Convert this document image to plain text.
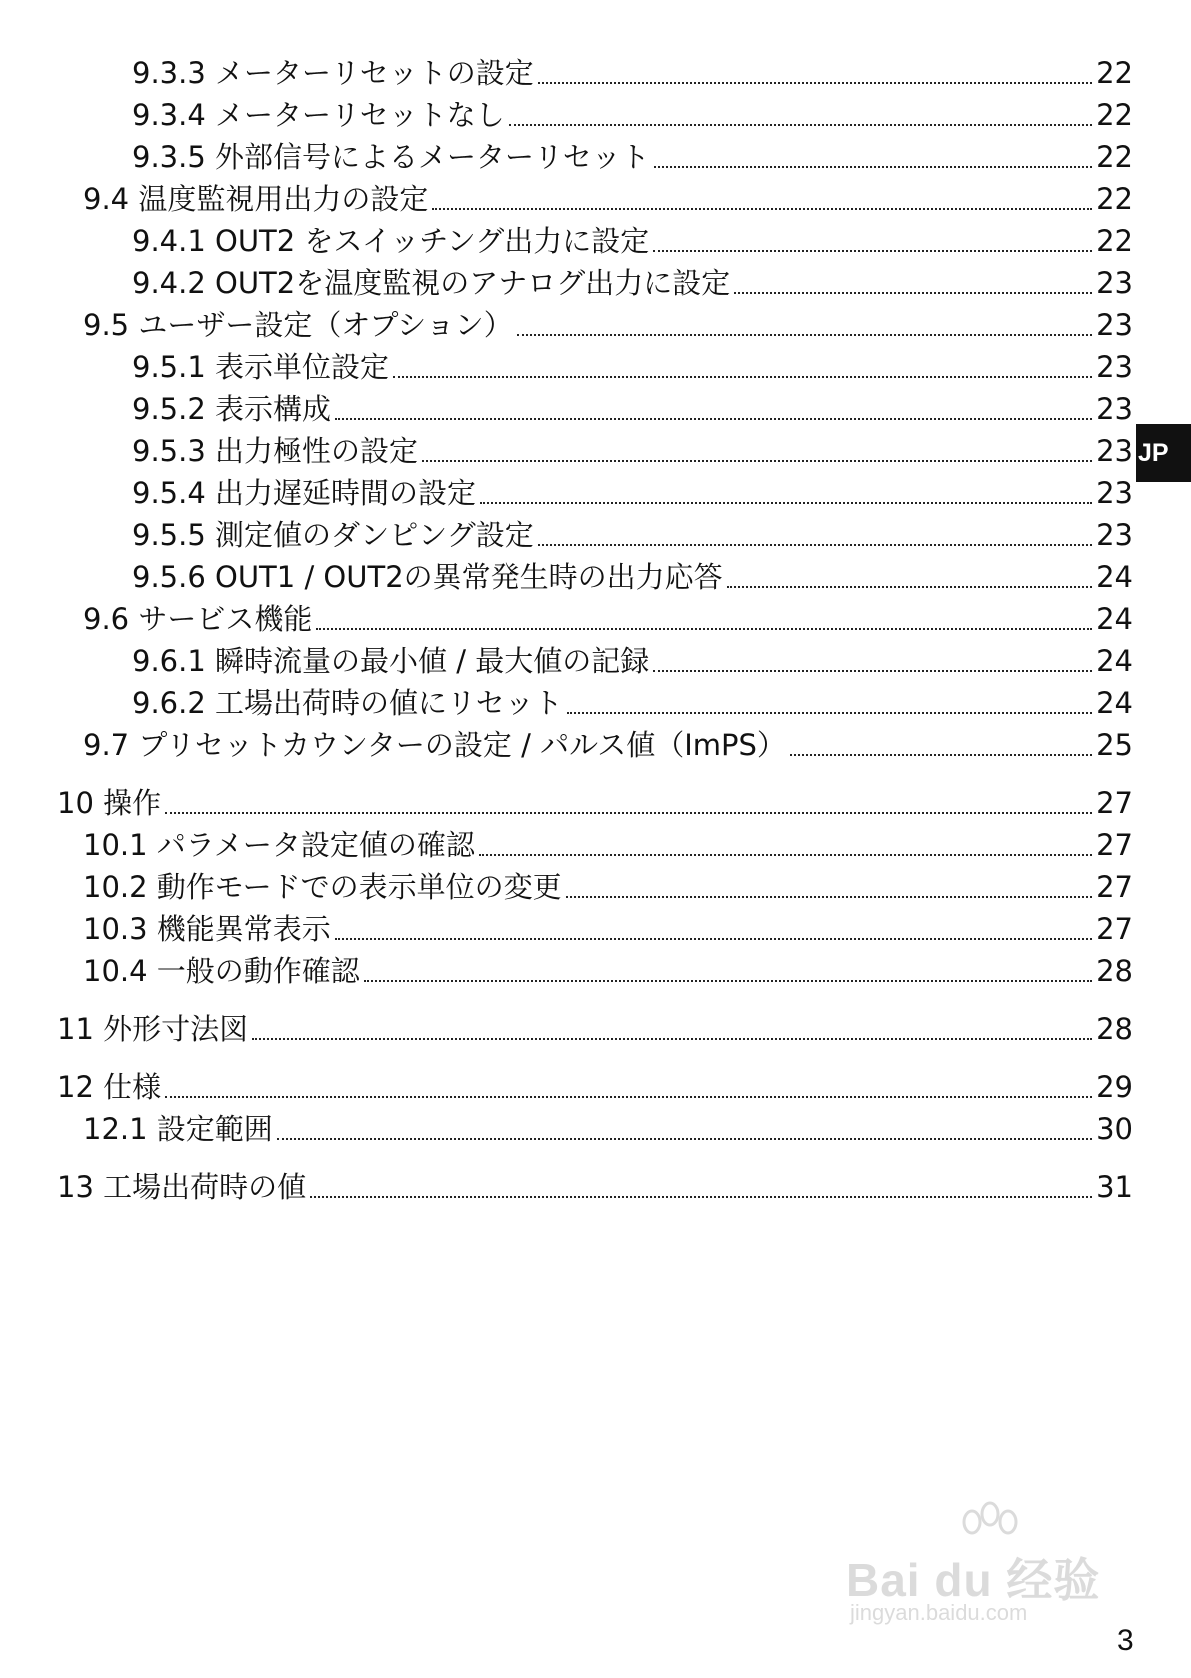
9.3.3 メーターリセットの設定	22
9.3.4 メーターリセットなし	22
9.3.5 外部信号によるメーターリセット	22
9.4 温度監視用出力の設定	22
9.4.1 OUT2 をスイッチング出力に設定	22
9.4.2 OUT2を温度監視のアナログ出力に設定	23
9.5 ユーザー設定（オプション）	23
9.5.1 表示単位設定	23
9.5.2 表示構成	23
9.5.3 出力極性の設定	23
9.5.4 出力遅延時間の設定	23
9.5.5 測定値のダンピング設定	23
9.5.6 OUT1 / OUT2の異常発生時の出力応答	24
9.6 サービス機能	24
9.6.1 瞬時流量の最小値 / 最大値の記録	24
9.6.2 工場出荷時の値にリセット	24
9.7 プリセットカウンターの設定 / パルス値（ImPS）	25
10 操作	27
10.1 パラメータ設定値の確認	27
10.2 動作モードでの表示単位の変更	27
10.3 機能異常表示	27
10.4 一般の動作確認	28
11 外形寸法図	28
12 仕様	29
12.1 設定範囲	30
13 工場出荷時の値	31
JP
Bai du 经验
jingyan.baidu.com
3
